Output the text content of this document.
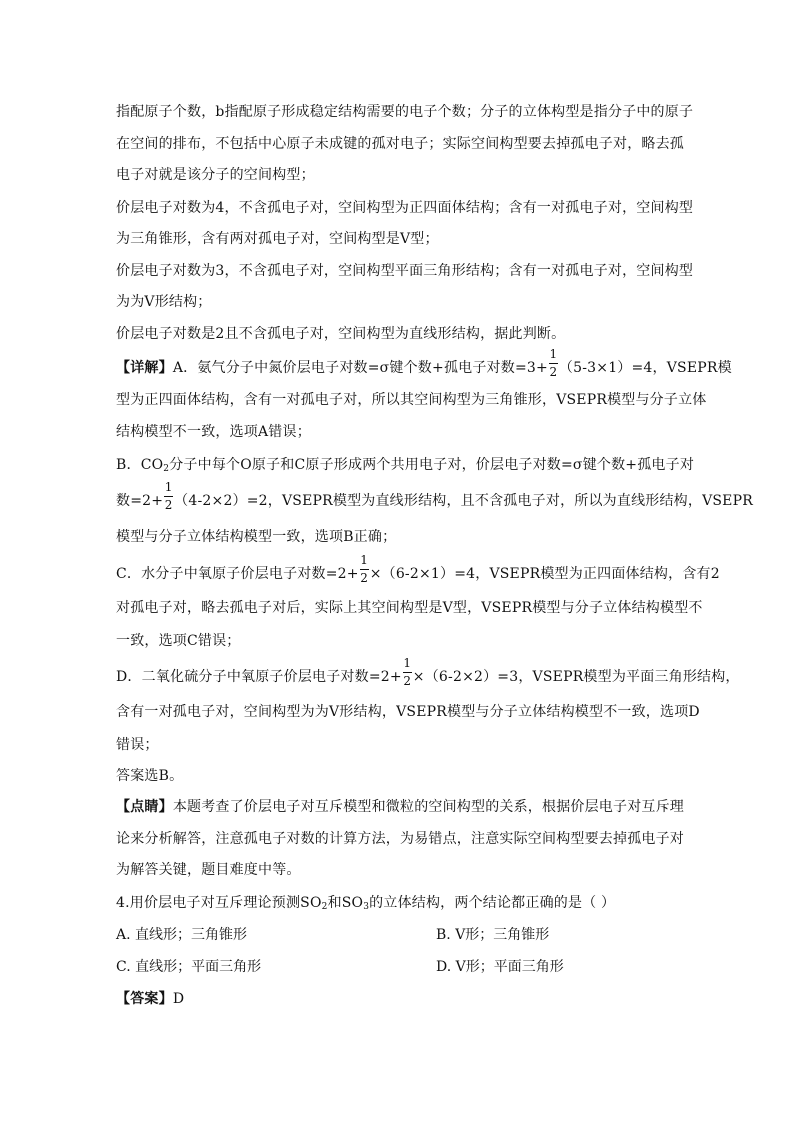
指配原子个数，b指配原子形成稳定结构需要的电子个数；分子的立体构型是指分子中的原子
在空间的排布，不包括中心原子未成键的孤对电子；实际空间构型要去掉孤电子对，略去孤
电子对就是该分子的空间构型；
价层电子对数为4，不含孤电子对，空间构型为正四面体结构；含有一对孤电子对，空间构型
为三角锥形，含有两对孤电子对，空间构型是V型；
价层电子对数为3，不含孤电子对，空间构型平面三角形结构；含有一对孤电子对，空间构型
为为V形结构；
价层电子对数是2且不含孤电子对，空间构型为直线形结构，据此判断。
【详解】A．氨气分子中氮价层电子对数=σ键个数+孤电子对数$=3+ \frac{1}{2} (5-3\times 1)=4$，VSEPR模
型为正四面体结构，含有一对孤电子对，所以其空间构型为三角锥形，VSEPR模型与分子立体
结构模型不一致，选项A错误；
B．$CO_2$分子中每个O原子和C原子形成两个共用电子对，价层电子对数=σ键个数+孤电子对
数$=2+ \frac{1}{2} (4-2\times 2)=2$，VSEPR模型为直线形结构，且不含孤电子对，所以为直线形结构，VSEPR
模型与分子立体结构模型一致，选项B正确；
C．水分子中氧原子价层电子对数$=2+ \frac{1}{2} \times(6-2\times 1)=4$，VSEPR模型为正四面体结构，含有2
对孤电子对，略去孤电子对后，实际上其空间构型是V型，VSEPR模型与分子立体结构模型不
一致，选项C错误；
D．二氧化硫分子中氧原子价层电子对数$=2+ \frac{1}{2} \times(6-2\times 2)=3$，VSEPR模型为平面三角形结构，
含有一对孤电子对，空间构型为为V形结构，VSEPR模型与分子立体结构模型不一致，选项D
错误；
答案选B。
【点睛】本题考查了价层电子对互斥模型和微粒的空间构型的关系，根据价层电子对互斥理
论来分析解答，注意孤电子对数的计算方法，为易错点，注意实际空间构型要去掉孤电子对
为解答关键，题目难度中等。
4.用价层电子对互斥理论预测$SO_2$和$SO_3$的立体结构，两个结论都正确的是（ ）
A. 直线形；三角锥形	B. V形；三角锥形
C. 直线形；平面三角形	D. V形；平面三角形
【答案】D
